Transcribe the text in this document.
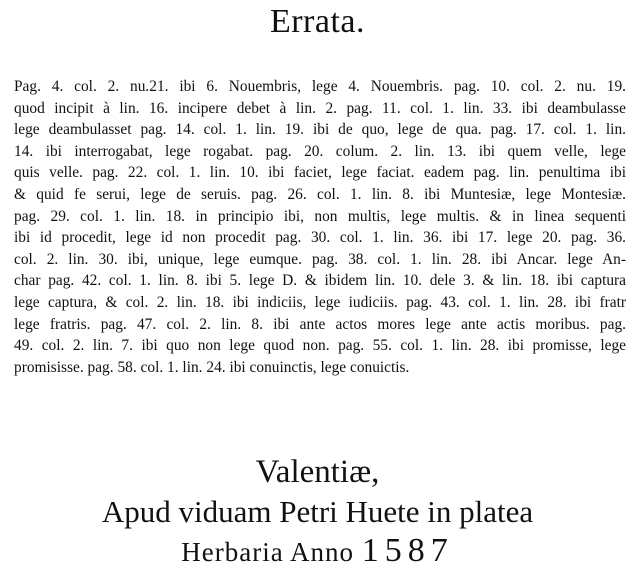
Errata.
Pag. 4. col. 2. nu.21. ibi 6. Nouembris, lege 4. Nouembris. pag. 10. col. 2. nu. 19.
quod incipit à lin. 16. incipere debet à lin. 2. pag. 11. col. 1. lin. 33. ibi deambulasse
lege deambulasset pag. 14. col. 1. lin. 19. ibi de quo, lege de qua. pag. 17. col. 1. lin.
14. ibi interrogabat, lege rogabat. pag. 20. colum. 2. lin. 13. ibi quem velle, lege
quis velle. pag. 22. col. 1. lin. 10. ibi faciet, lege faciat. eadem pag. lin. penultima ibi
& quid fe serui, lege de seruis. pag. 26. col. 1. lin. 8. ibi Muntesiæ, lege Montesiæ.
pag. 29. col. 1. lin. 18. in principio ibi, non multis, lege multis. & in linea sequenti
ibi id procedit, lege id non procedit pag. 30. col. 1. lin. 36. ibi 17. lege 20. pag. 36.
col. 2. lin. 30. ibi, unique, lege eumque. pag. 38. col. 1. lin. 28. ibi Ancar. lege An-
char pag. 42. col. 1. lin. 8. ibi 5. lege D. & ibidem lin. 10. dele 3. & lin. 18. ibi captura
lege captura, & col. 2. lin. 18. ibi indiciis, lege iudiciis. pag. 43. col. 1. lin. 28. ibi fratr
lege fratris. pag. 47. col. 2. lin. 8. ibi ante actos mores lege ante actis moribus. pag.
49. col. 2. lin. 7. ibi quo non lege quod non. pag. 55. col. 1. lin. 28. ibi promisse, lege
promisisse. pag. 58. col. 1. lin. 24. ibi conuinctis, lege conuictis.
Valentiæ,
Apud viduam Petri Huete in platea
Herbaria Anno 1587
